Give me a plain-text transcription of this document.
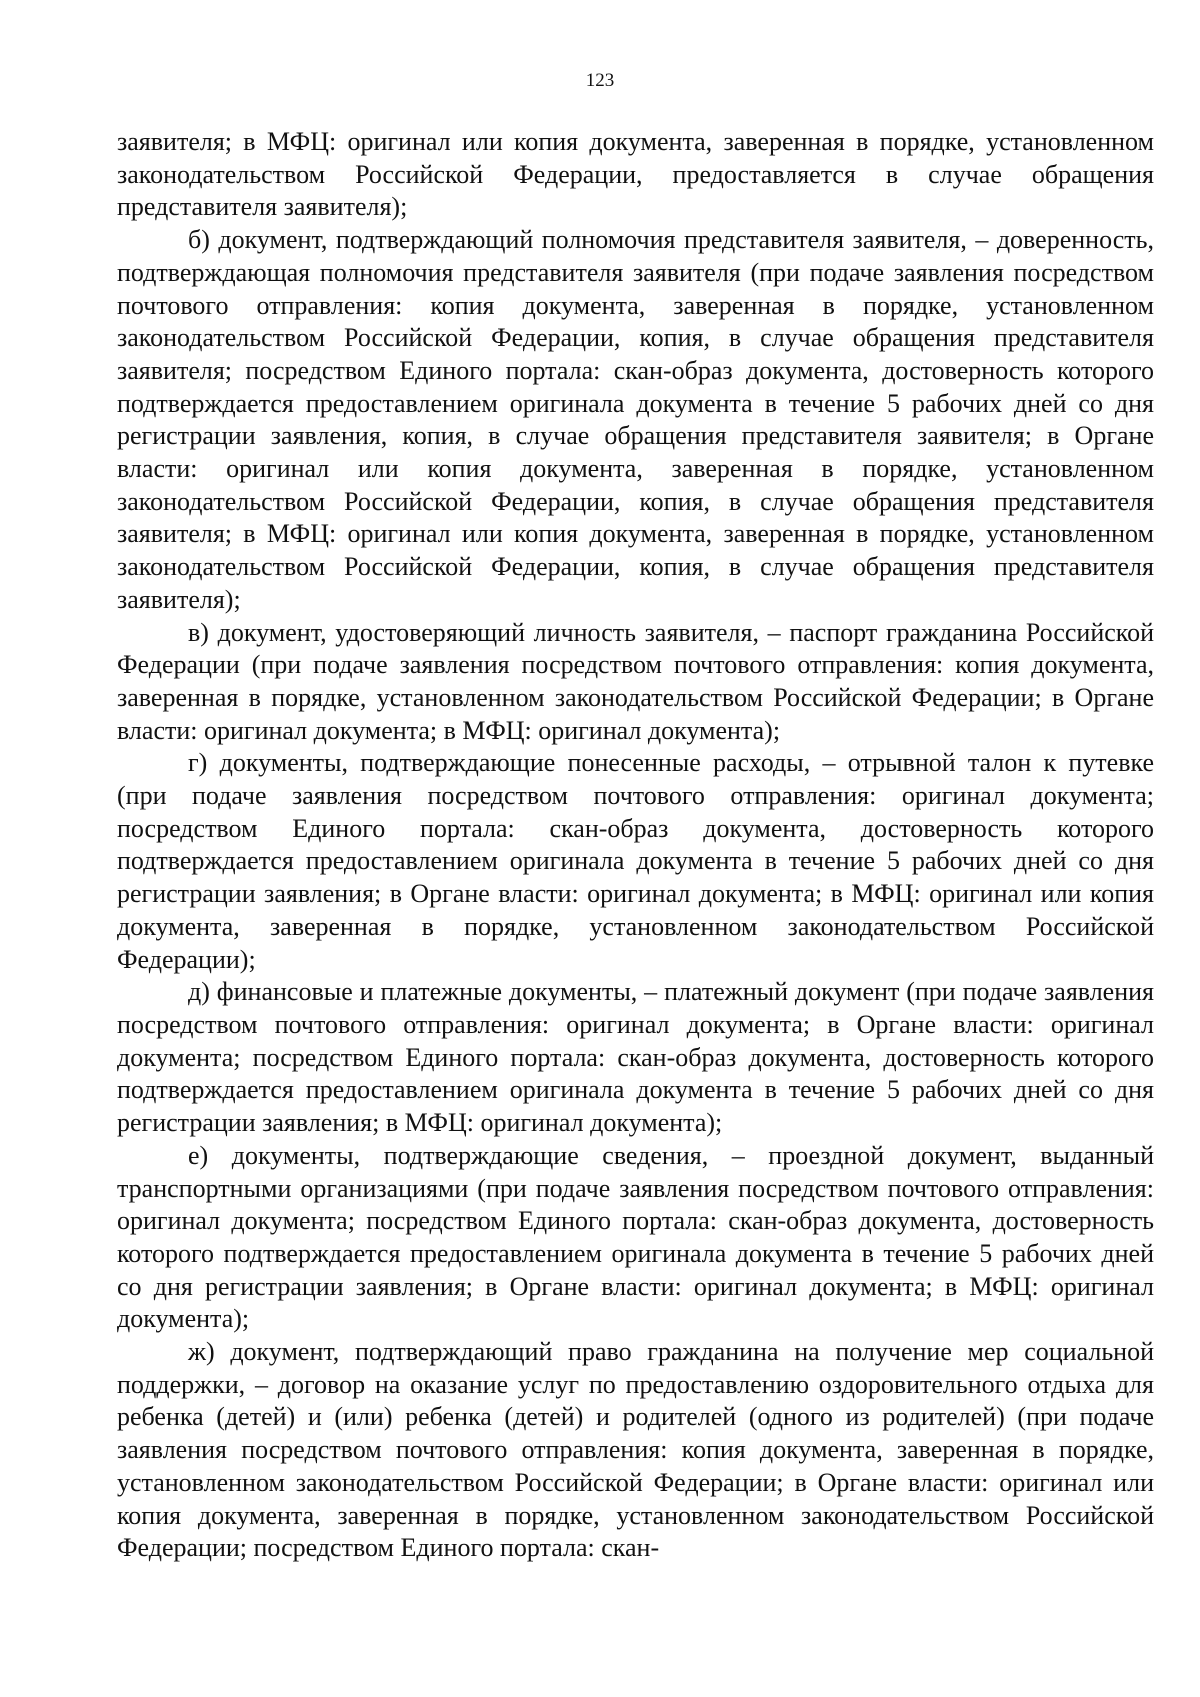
123

заявителя; в МФЦ: оригинал или копия документа, заверенная в порядке, установленном законодательством Российской Федерации, предоставляется в случае обращения представителя заявителя);

б) документ, подтверждающий полномочия представителя заявителя, – доверенность, подтверждающая полномочия представителя заявителя (при подаче заявления посредством почтового отправления: копия документа, заверенная в порядке, установленном законодательством Российской Федерации, копия, в случае обращения представителя заявителя; посредством Единого портала: скан-образ документа, достоверность которого подтверждается предоставлением оригинала документа в течение 5 рабочих дней со дня регистрации заявления, копия, в случае обращения представителя заявителя; в Органе власти: оригинал или копия документа, заверенная в порядке, установленном законодательством Российской Федерации, копия, в случае обращения представителя заявителя; в МФЦ: оригинал или копия документа, заверенная в порядке, установленном законодательством Российской Федерации, копия, в случае обращения представителя заявителя);

в) документ, удостоверяющий личность заявителя, – паспорт гражданина Российской Федерации (при подаче заявления посредством почтового отправления: копия документа, заверенная в порядке, установленном законодательством Российской Федерации; в Органе власти: оригинал документа; в МФЦ: оригинал документа);

г) документы, подтверждающие понесенные расходы, – отрывной талон к путевке (при подаче заявления посредством почтового отправления: оригинал документа; посредством Единого портала: скан-образ документа, достоверность которого подтверждается предоставлением оригинала документа в течение 5 рабочих дней со дня регистрации заявления; в Органе власти: оригинал документа; в МФЦ: оригинал или копия документа, заверенная в порядке, установленном законодательством Российской Федерации);

д) финансовые и платежные документы, – платежный документ (при подаче заявления посредством почтового отправления: оригинал документа; в Органе власти: оригинал документа; посредством Единого портала: скан-образ документа, достоверность которого подтверждается предоставлением оригинала документа в течение 5 рабочих дней со дня регистрации заявления; в МФЦ: оригинал документа);

е) документы, подтверждающие сведения, – проездной документ, выданный транспортными организациями (при подаче заявления посредством почтового отправления: оригинал документа; посредством Единого портала: скан-образ документа, достоверность которого подтверждается предоставлением оригинала документа в течение 5 рабочих дней со дня регистрации заявления; в Органе власти: оригинал документа; в МФЦ: оригинал документа);

ж) документ, подтверждающий право гражданина на получение мер социальной поддержки, – договор на оказание услуг по предоставлению оздоровительного отдыха для ребенка (детей) и (или) ребенка (детей) и родителей (одного из родителей) (при подаче заявления посредством почтового отправления: копия документа, заверенная в порядке, установленном законодательством Российской Федерации; в Органе власти: оригинал или копия документа, заверенная в порядке, установленном законодательством Российской Федерации; посредством Единого портала: скан-
